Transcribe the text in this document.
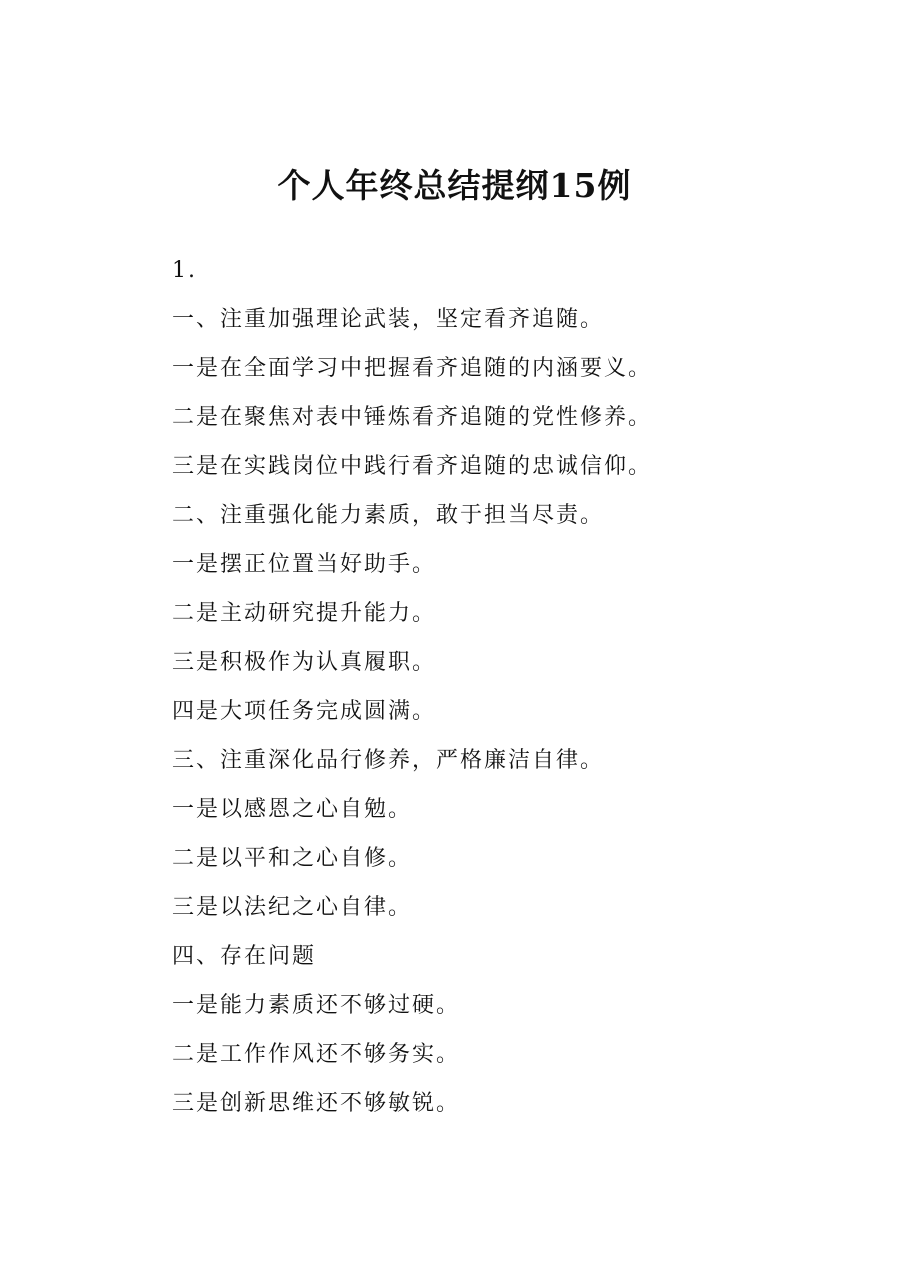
个人年终总结提纲15例

1.

一、注重加强理论武装，坚定看齐追随。

一是在全面学习中把握看齐追随的内涵要义。

二是在聚焦对表中锤炼看齐追随的党性修养。

三是在实践岗位中践行看齐追随的忠诚信仰。

二、注重强化能力素质，敢于担当尽责。

一是摆正位置当好助手。

二是主动研究提升能力。

三是积极作为认真履职。

四是大项任务完成圆满。

三、注重深化品行修养，严格廉洁自律。

一是以感恩之心自勉。

二是以平和之心自修。

三是以法纪之心自律。

四、存在问题

一是能力素质还不够过硬。

二是工作作风还不够务实。

三是创新思维还不够敏锐。
